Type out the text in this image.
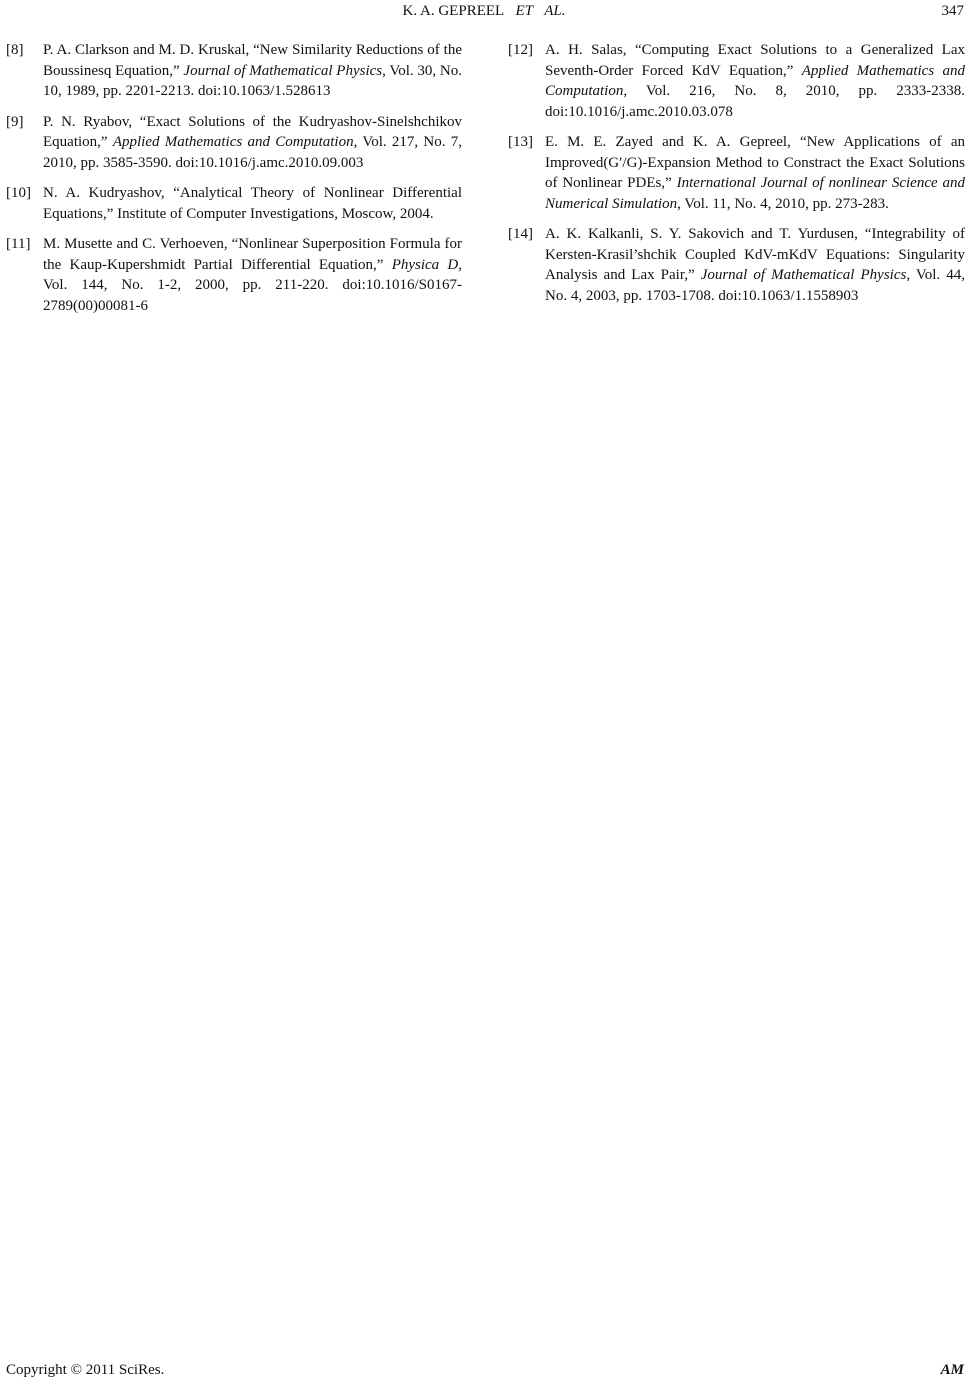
K. A. GEPREEL ET AL.	347
[8] P. A. Clarkson and M. D. Kruskal, “New Similarity Reductions of the Boussinesq Equation,” Journal of Mathematical Physics, Vol. 30, No. 10, 1989, pp. 2201-2213. doi:10.1063/1.528613
[9] P. N. Ryabov, “Exact Solutions of the Kudryashov-Sinelshchikov Equation,” Applied Mathematics and Computation, Vol. 217, No. 7, 2010, pp. 3585-3590. doi:10.1016/j.amc.2010.09.003
[10] N. A. Kudryashov, “Analytical Theory of Nonlinear Differential Equations,” Institute of Computer Investigations, Moscow, 2004.
[11] M. Musette and C. Verhoeven, “Nonlinear Superposition Formula for the Kaup-Kupershmidt Partial Differential Equation,” Physica D, Vol. 144, No. 1-2, 2000, pp. 211-220. doi:10.1016/S0167-2789(00)00081-6
[12] A. H. Salas, “Computing Exact Solutions to a Generalized Lax Seventh-Order Forced KdV Equation,” Applied Mathematics and Computation, Vol. 216, No. 8, 2010, pp. 2333-2338. doi:10.1016/j.amc.2010.03.078
[13] E. M. E. Zayed and K. A. Gepreel, “New Applications of an Improved(G′/G)-Expansion Method to Constract the Exact Solutions of Nonlinear PDEs,” International Journal of nonlinear Science and Numerical Simulation, Vol. 11, No. 4, 2010, pp. 273-283.
[14] A. K. Kalkanli, S. Y. Sakovich and T. Yurdusen, “Integrability of Kersten-Krasil’shchik Coupled KdV-mKdV Equations: Singularity Analysis and Lax Pair,” Journal of Mathematical Physics, Vol. 44, No. 4, 2003, pp. 1703-1708. doi:10.1063/1.1558903
Copyright © 2011 SciRes.	AM
